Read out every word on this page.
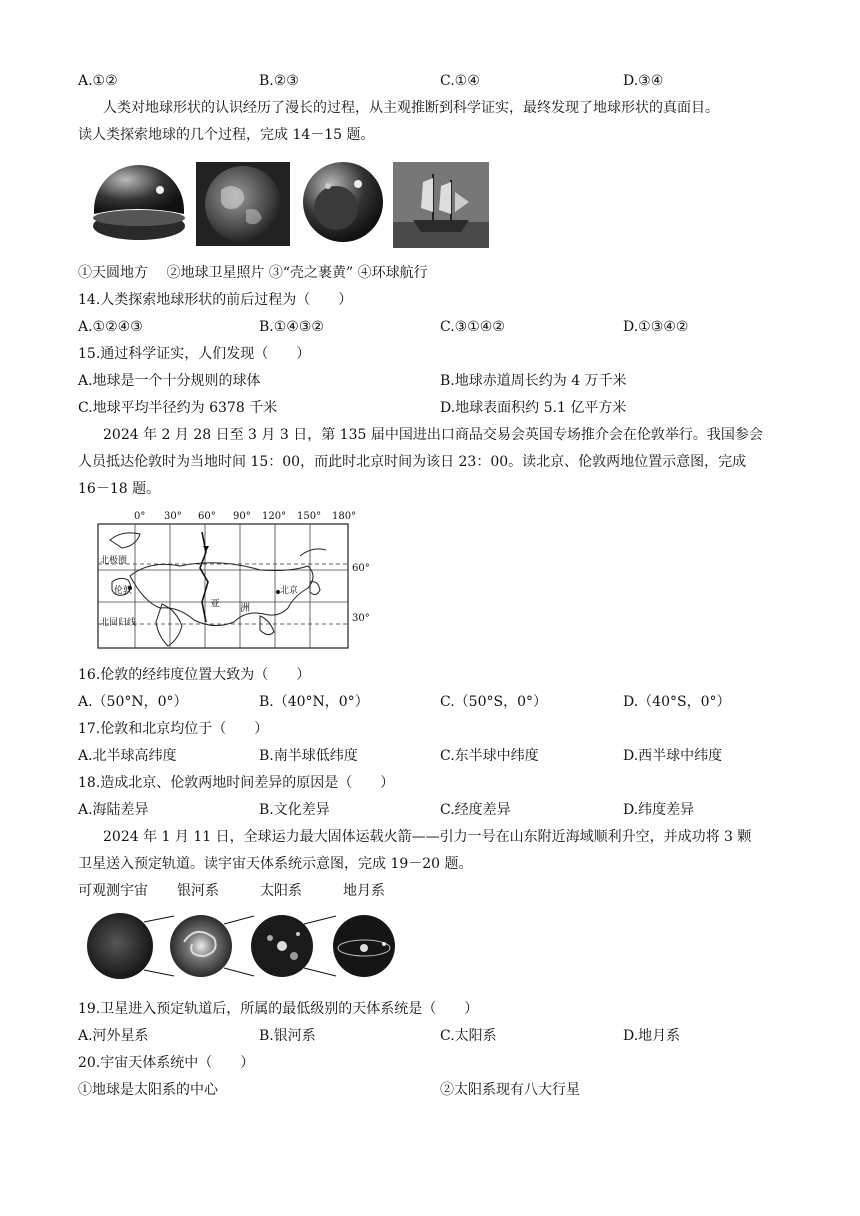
A.①②	B.②③	C.①④	D.③④
人类对地球形状的认识经历了漫长的过程，从主观推断到科学证实，最终发现了地球形状的真面目。
读人类探索地球的几个过程，完成 14－15 题。
①天圆地方　 ②地球卫星照片 ③“壳之裹黄” ④环球航行
14.人类探索地球形状的前后过程为（　　）
A.①②④③	B.①④③②	C.③①④②	D.①③④②
15.通过科学证实，人们发现（　　）
A.地球是一个十分规则的球体	B.地球赤道周长约为 4 万千米
C.地球平均半径约为 6378 千米	D.地球表面积约 5.1 亿平方米
2024 年 2 月 28 日至 3 月 3 日，第 135 届中国进出口商品交易会英国专场推介会在伦敦举行。我国参会
人员抵达伦敦时为当地时间 15：00，而此时北京时间为该日 23：00。读北京、伦敦两地位置示意图，完成
16－18 题。
0° 30° 60° 90° 120° 150° 180°
60°
30°
北极圈
伦敦	北京
北回归线
亚 洲
16.伦敦的经纬度位置大致为（　　）
A.（50°N，0°）	B.（40°N，0°）	C.（50°S，0°）	D.（40°S，0°）
17.伦敦和北京均位于（　　）
A.北半球高纬度	B.南半球低纬度	C.东半球中纬度	D.西半球中纬度
18.造成北京、伦敦两地时间差异的原因是（　　）
A.海陆差异	B.文化差异	C.经度差异	D.纬度差异
2024 年 1 月 11 日，全球运力最大固体运载火箭——引力一号在山东附近海域顺利升空，并成功将 3 颗
卫星送入预定轨道。读宇宙天体系统示意图，完成 19－20 题。
可观测宇宙 银河系	太阳系	地月系
19.卫星进入预定轨道后，所属的最低级别的天体系统是（　　）
A.河外星系	B.银河系	C.太阳系	D.地月系
20.宇宙天体系统中（　　）
①地球是太阳系的中心	②太阳系现有八大行星
